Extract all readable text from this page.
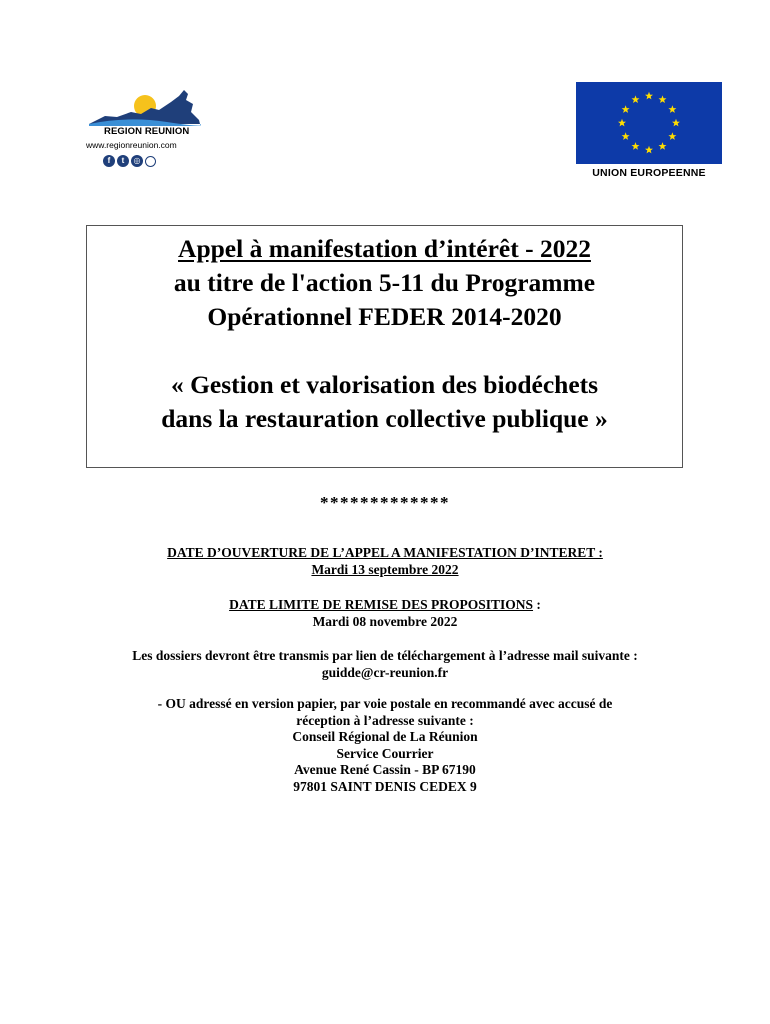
REGION REUNION
www.regionreunion.com
f	t	◎
UNION EUROPEENNE
Appel à manifestation d’intérêt - 2022
au titre de l'action 5-11 du Programme
Opérationnel FEDER 2014-2020
« Gestion et valorisation des biodéchets
dans la restauration collective publique »
*************
DATE D’OUVERTURE DE L’APPEL A MANIFESTATION D’INTERET :
Mardi 13 septembre 2022
DATE LIMITE DE REMISE DES PROPOSITIONS :
Mardi 08 novembre 2022
Les dossiers devront être transmis par lien de téléchargement à l’adresse mail suivante :
guidde@cr-reunion.fr
- OU adressé en version papier, par voie postale en recommandé avec accusé de
réception à l’adresse suivante :
Conseil Régional de La Réunion
Service Courrier
Avenue René Cassin - BP 67190
97801 SAINT DENIS CEDEX 9
